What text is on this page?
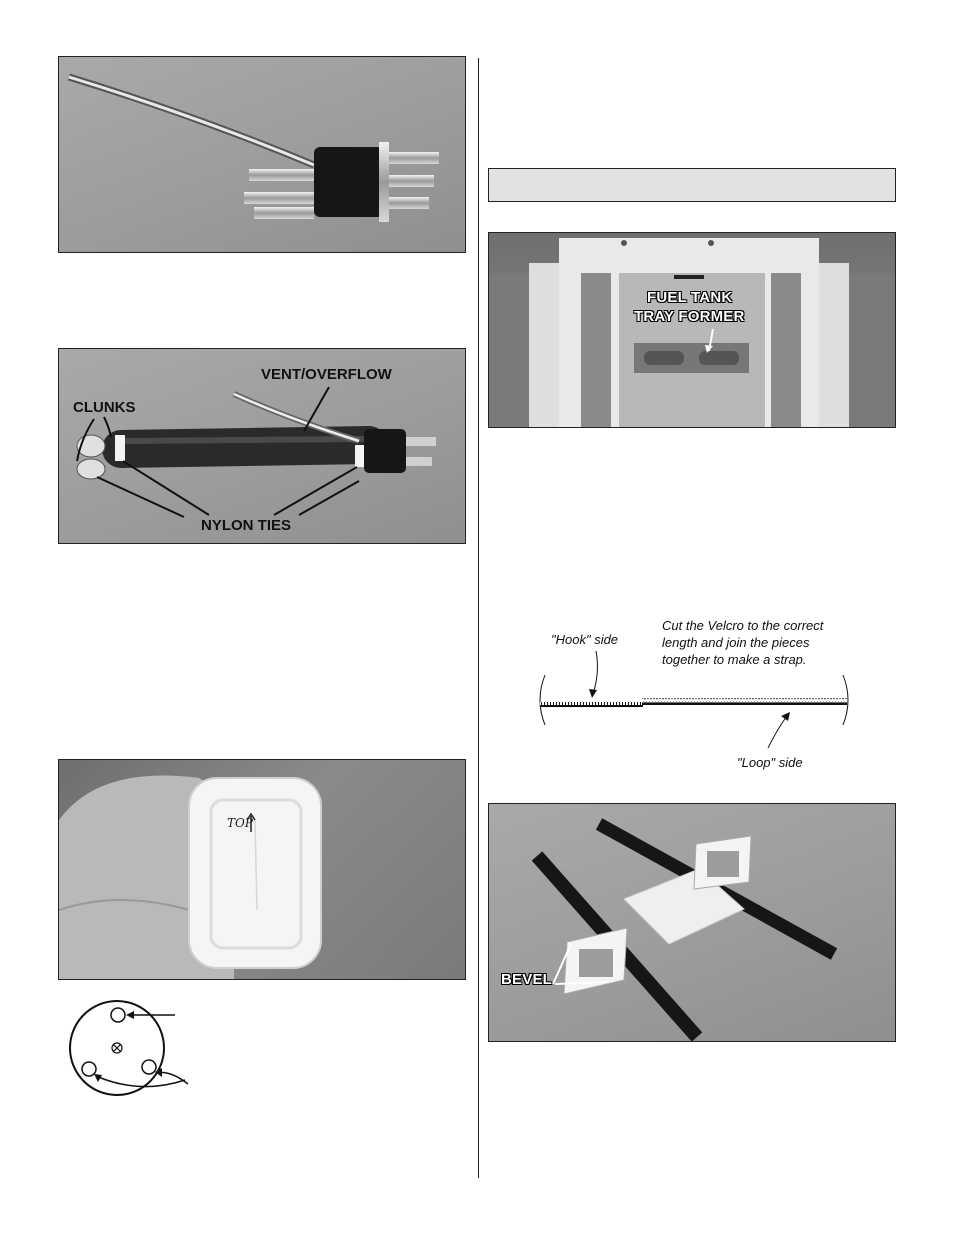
CLUNKS
VENT/OVERFLOW
NYLON TIES
TOP
FUEL TANK
TRAY FORMER
Cut the Velcro to the correct
length and join the pieces
together to make a strap.
"Hook" side
"Loop" side
BEVEL
